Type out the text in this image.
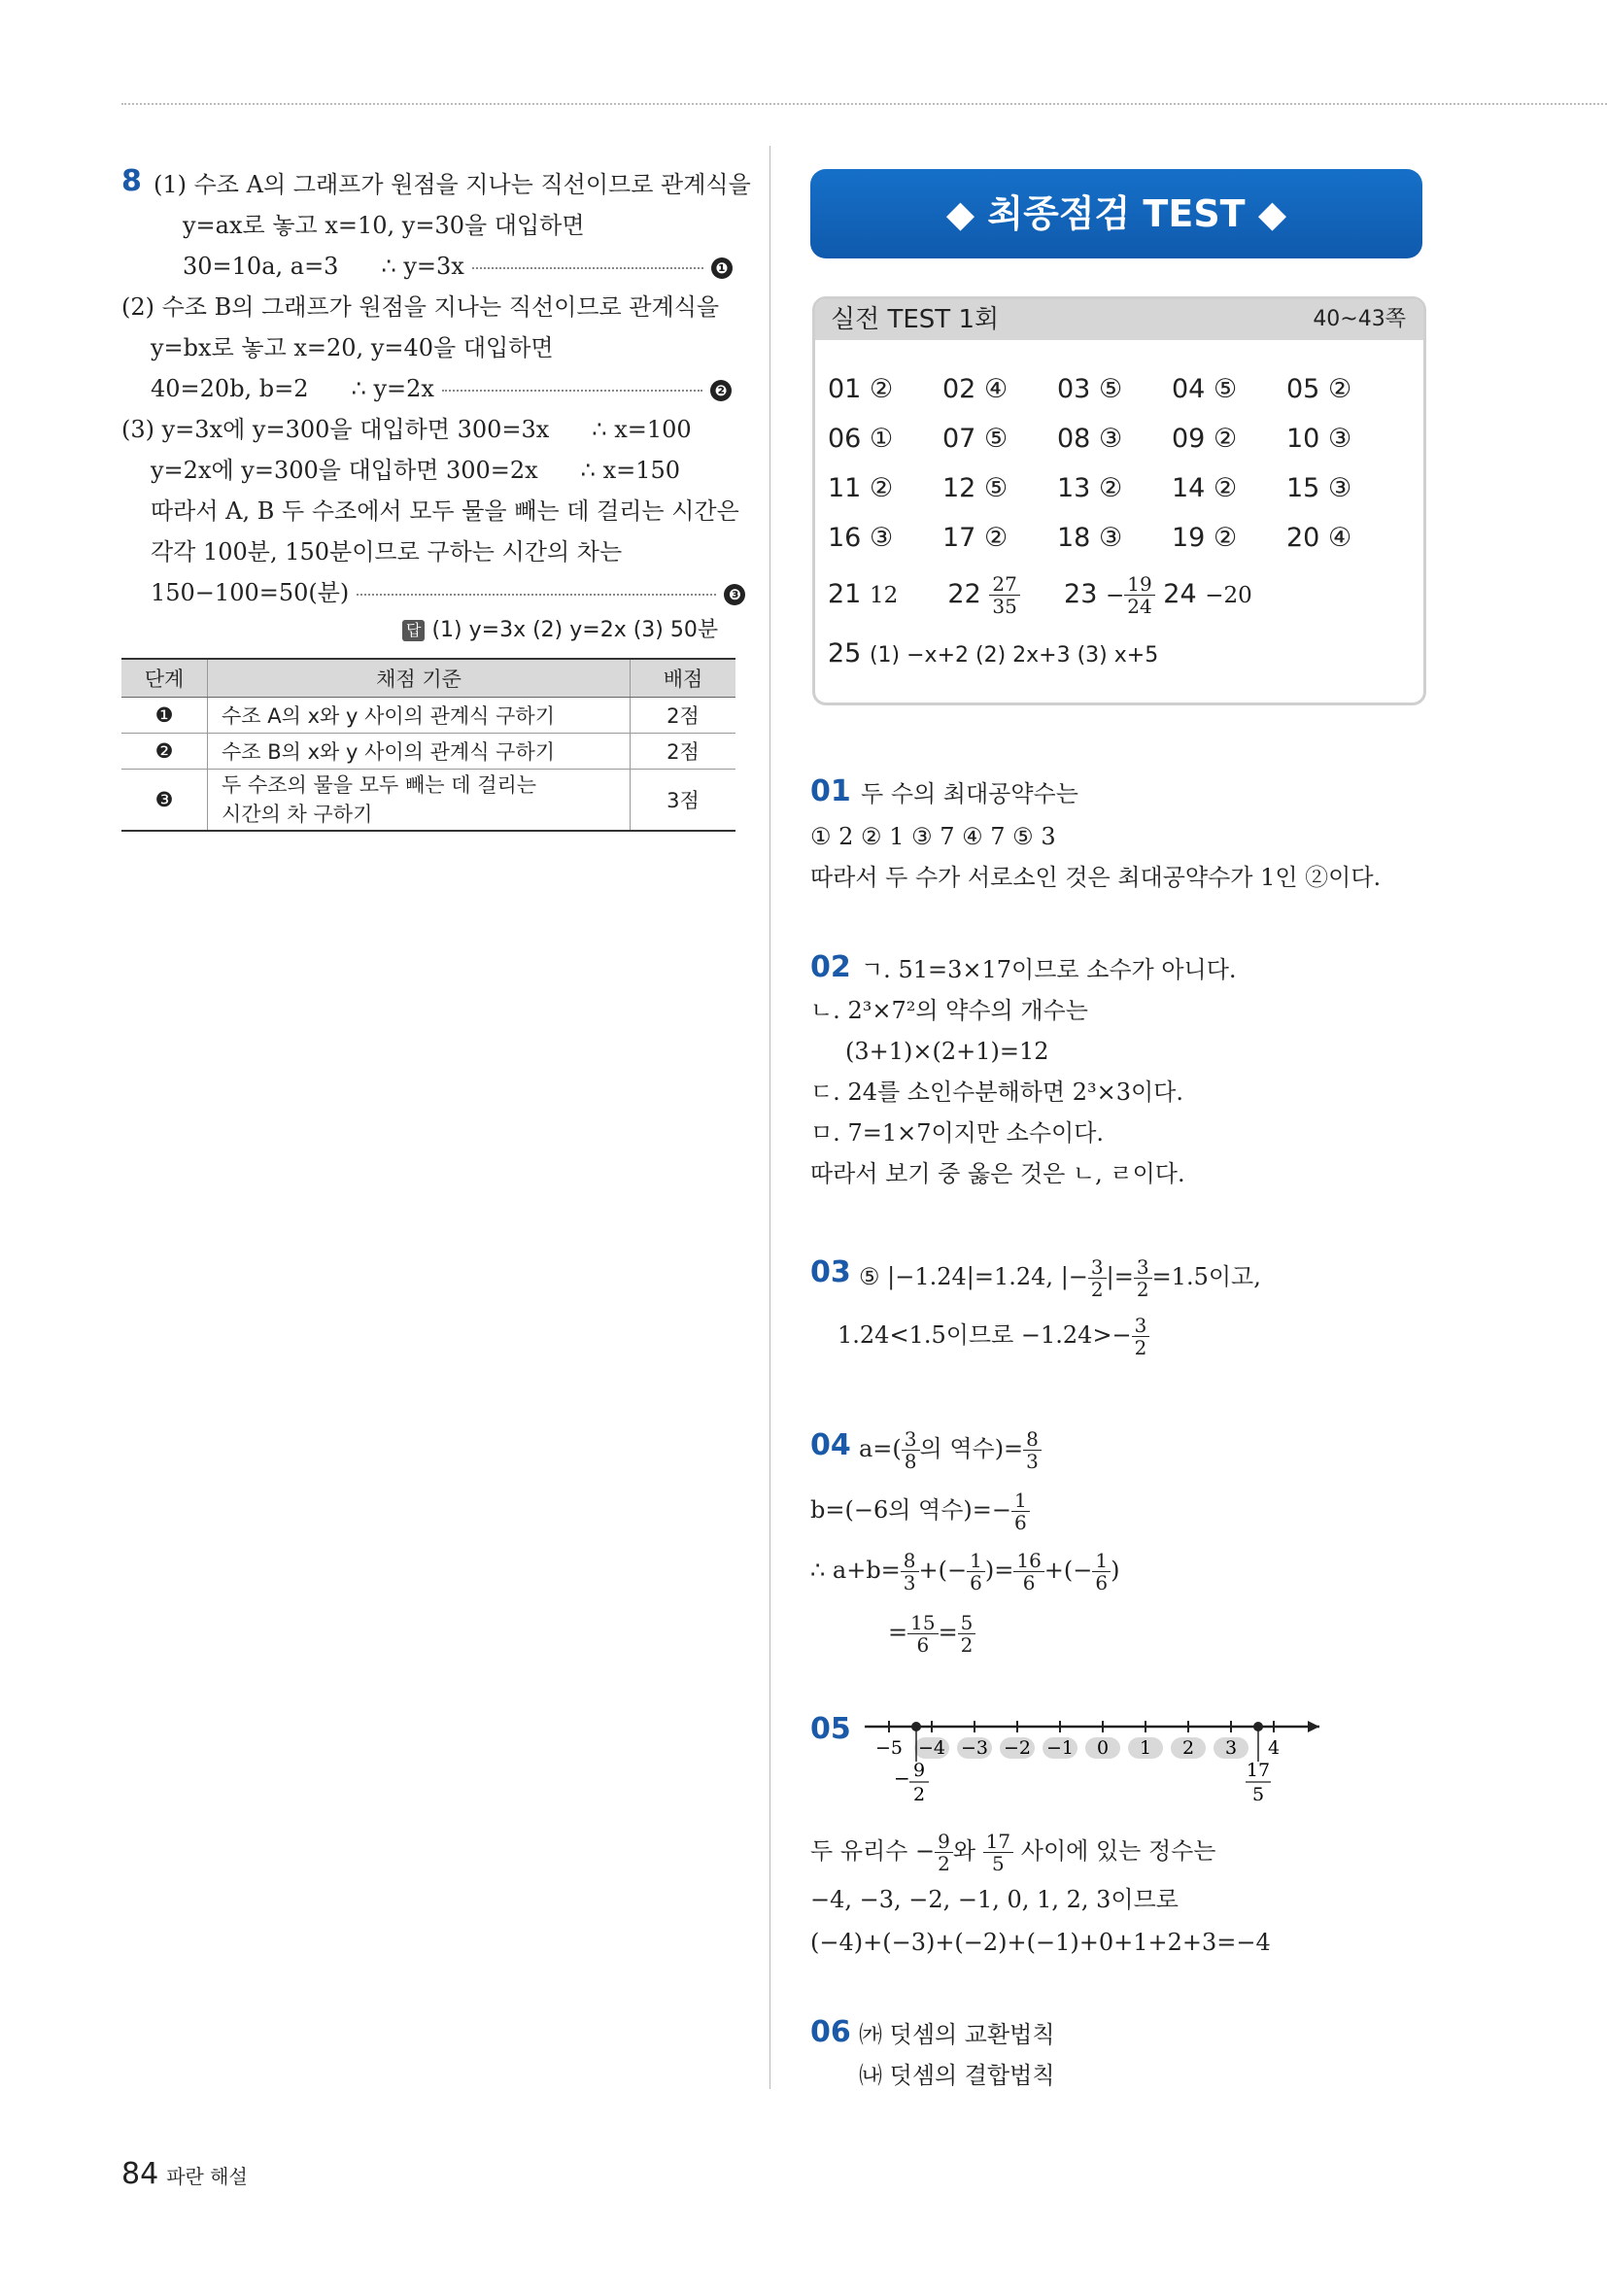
8 (1) 수조 A의 그래프가 원점을 지나는 직선이므로 관계식을
y=ax로 놓고 x=10, y=30을 대입하면
30=10a, a=3 ∴ y=3x	❶
(2) 수조 B의 그래프가 원점을 지나는 직선이므로 관계식을
y=bx로 놓고 x=20, y=40을 대입하면
40=20b, b=2 ∴ y=2x	❷
(3) y=3x에 y=300을 대입하면 300=3x ∴ x=100
y=2x에 y=300을 대입하면 300=2x ∴ x=150
따라서 A, B 두 수조에서 모두 물을 빼는 데 걸리는 시간은
각각 100분, 150분이므로 구하는 시간의 차는
150−100=50(분)	❸
답 (1) y=3x (2) y=2x (3) 50분
단계	채점 기준	배점
❶	수조 A의 x와 y 사이의 관계식 구하기	2점
❷	수조 B의 x와 y 사이의 관계식 구하기	2점
❸	두 수조의 물을 모두 빼는 데 걸리는 시간의 차 구하기	3점
◆ 최종점검 TEST ◆
실전 TEST 1회	40~43쪽
01 ② 02 ④ 03 ⑤ 04 ⑤ 05 ②
06 ① 07 ⑤ 08 ③ 09 ② 10 ③
11 ② 12 ⑤ 13 ② 14 ② 15 ③
16 ③ 17 ② 18 ③ 19 ② 20 ④
21 12 $22 \frac{27}{35} 23 - \frac{19}{24} 24 -20$
25 (1) −x+2 (2) 2x+3 (3) x+5
01 두 수의 최대공약수는
① 2 ② 1 ③ 7 ④ 7 ⑤ 3
따라서 두 수가 서로소인 것은 최대공약수가 1인 ②이다.
02 ㄱ. 51=3×17이므로 소수가 아니다.
ㄴ. 2³×7²의 약수의 개수는
(3+1)×(2+1)=12
ㄷ. 24를 소인수분해하면 2³×3이다.
ㅁ. 7=1×7이지만 소수이다.
따라서 보기 중 옳은 것은 ㄴ, ㄹ이다.
03 ⑤ |−1.24|=1.24, |− $\frac{3}{2}$ |= $\frac{3}{2} =1.5$이고,
1.24<1.5이므로 $-1.24>- \frac{3}{2}$
04 $a=( \frac{3}{8}$ 의 역수)= $\frac{8}{3}$
b=(−6의 역수)=− $\frac{1}{6}$
∴ $a+b= \frac{8}{3}$ +(− $\frac{1}{6}$ )= $\frac{16}{6}$ +(− $\frac{1}{6}$ )
= $\frac{15}{6} = \frac{5}{2}$
05
−5 −4 −3 −2 −1 0 1 2 3 4
− 9
2
17
5
두 유리수 − $\frac{9}{2}$ 와 $\frac{17}{5}$ 사이에 있는 정수는
−4, −3, −2, −1, 0, 1, 2, 3이므로
(−4)+(−3)+(−2)+(−1)+0+1+2+3=−4
06 ㈎ 덧셈의 교환법칙
㈏ 덧셈의 결합법칙
84 파란 해설
